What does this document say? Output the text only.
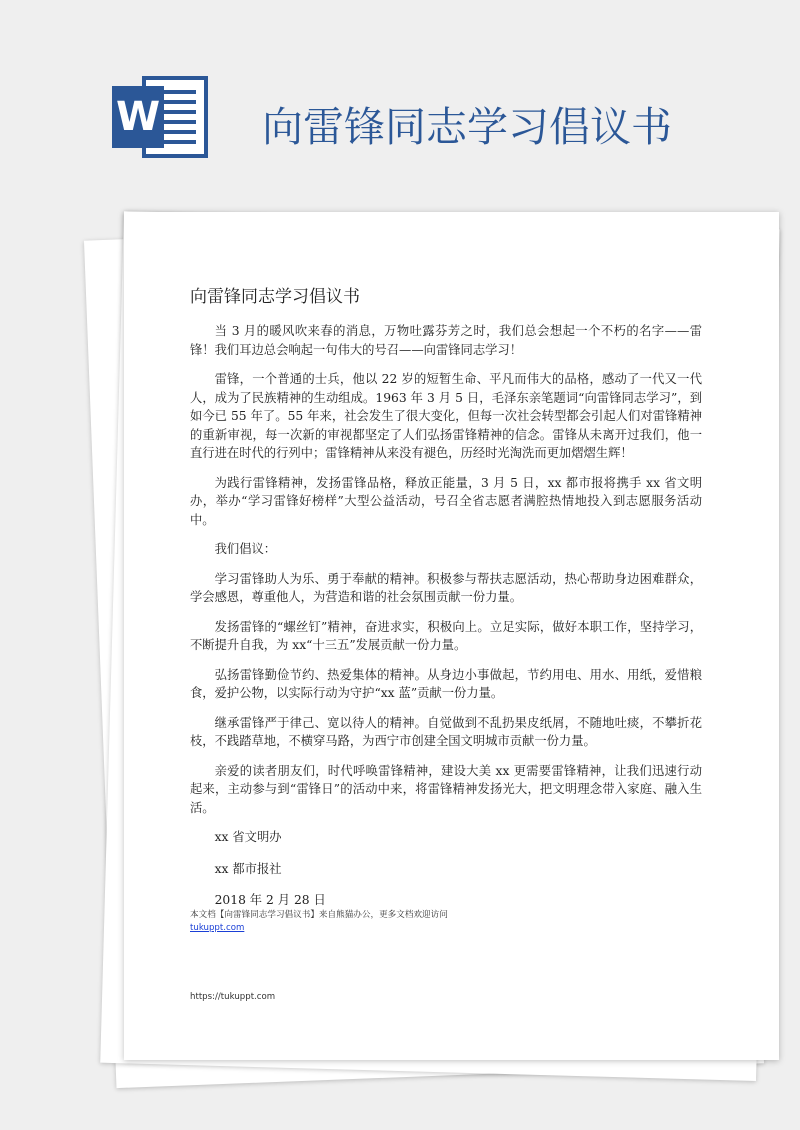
W 向雷锋同志学习倡议书
向雷锋同志学习倡议书

当 3 月的暖风吹来春的消息，万物吐露芬芳之时，我们总会想起一个不朽的名字——雷锋！我们耳边总会响起一句伟大的号召——向雷锋同志学习！

雷锋，一个普通的士兵，他以 22 岁的短暂生命、平凡而伟大的品格，感动了一代又一代人，成为了民族精神的生动组成。1963 年 3 月 5 日，毛泽东亲笔题词“向雷锋同志学习”，到如今已 55 年了。55 年来，社会发生了很大变化，但每一次社会转型都会引起人们对雷锋精神的重新审视，每一次新的审视都坚定了人们弘扬雷锋精神的信念。雷锋从未离开过我们，他一直行进在时代的行列中；雷锋精神从来没有褪色，历经时光淘洗而更加熠熠生辉！

为践行雷锋精神，发扬雷锋品格，释放正能量，3 月 5 日，xx 都市报将携手 xx 省文明办，举办“学习雷锋好榜样”大型公益活动，号召全省志愿者满腔热情地投入到志愿服务活动中。

我们倡议：

学习雷锋助人为乐、勇于奉献的精神。积极参与帮扶志愿活动，热心帮助身边困难群众，学会感恩，尊重他人，为营造和谐的社会氛围贡献一份力量。

发扬雷锋的“螺丝钉”精神，奋进求实，积极向上。立足实际，做好本职工作，坚持学习，不断提升自我，为 xx“十三五”发展贡献一份力量。

弘扬雷锋勤俭节约、热爱集体的精神。从身边小事做起，节约用电、用水、用纸，爱惜粮食，爱护公物，以实际行动为守护“xx 蓝”贡献一份力量。

继承雷锋严于律己、宽以待人的精神。自觉做到不乱扔果皮纸屑，不随地吐痰，不攀折花枝，不践踏草地，不横穿马路，为西宁市创建全国文明城市贡献一份力量。

亲爱的读者朋友们，时代呼唤雷锋精神，建设大美 xx 更需要雷锋精神，让我们迅速行动起来，主动参与到“雷锋日”的活动中来，将雷锋精神发扬光大，把文明理念带入家庭、融入生活。

xx 省文明办

xx 都市报社

2018 年 2 月 28 日

本文档【向雷锋同志学习倡议书】来自熊猫办公，更多文档欢迎访问
tukuppt.com
https://tukuppt.com
